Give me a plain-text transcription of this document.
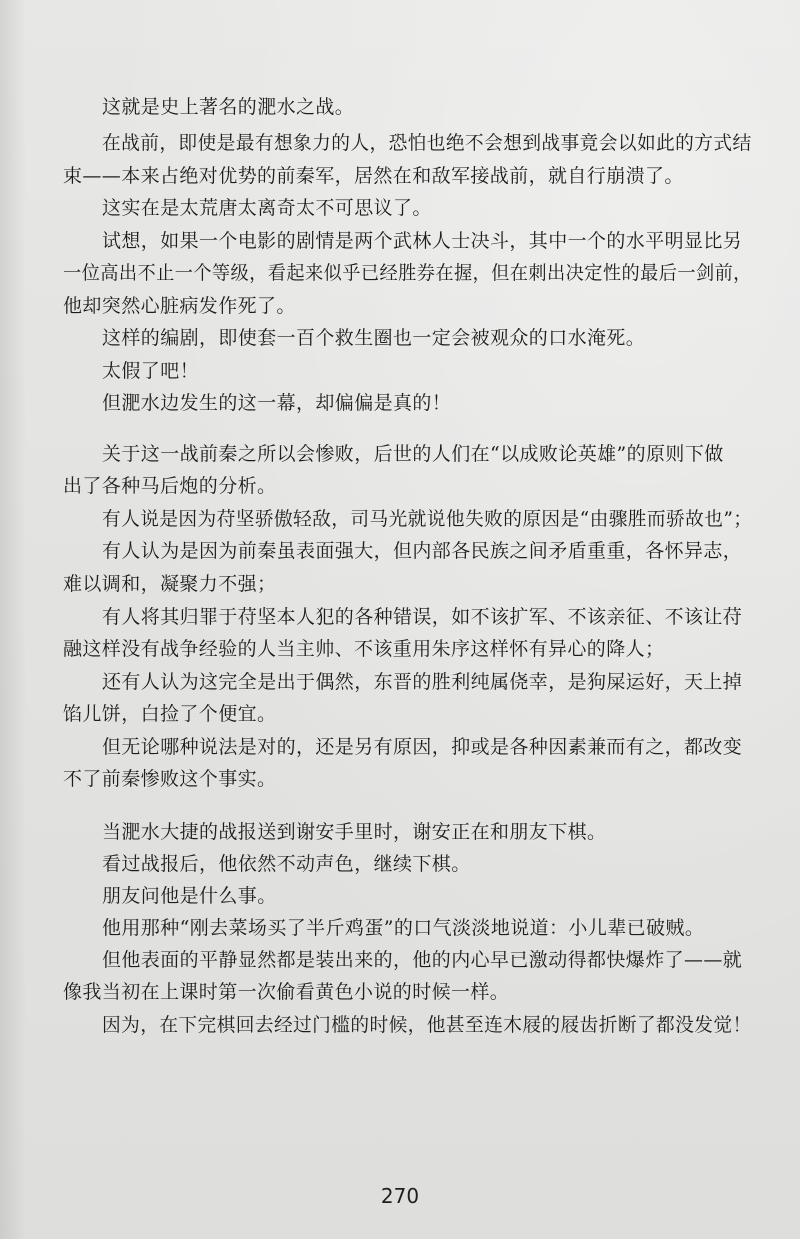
这就是史上著名的淝水之战。
在战前，即使是最有想象力的人，恐怕也绝不会想到战事竟会以如此的方式结
束——本来占绝对优势的前秦军，居然在和敌军接战前，就自行崩溃了。
这实在是太荒唐太离奇太不可思议了。
试想，如果一个电影的剧情是两个武林人士决斗，其中一个的水平明显比另
一位高出不止一个等级，看起来似乎已经胜券在握，但在刺出决定性的最后一剑前，
他却突然心脏病发作死了。
这样的编剧，即使套一百个救生圈也一定会被观众的口水淹死。
太假了吧！
但淝水边发生的这一幕，却偏偏是真的！
关于这一战前秦之所以会惨败，后世的人们在“以成败论英雄”的原则下做
出了各种马后炮的分析。
有人说是因为苻坚骄傲轻敌，司马光就说他失败的原因是“由骤胜而骄故也”；
有人认为是因为前秦虽表面强大，但内部各民族之间矛盾重重，各怀异志，
难以调和，凝聚力不强；
有人将其归罪于苻坚本人犯的各种错误，如不该扩军、不该亲征、不该让苻
融这样没有战争经验的人当主帅、不该重用朱序这样怀有异心的降人；
还有人认为这完全是出于偶然，东晋的胜利纯属侥幸，是狗屎运好，天上掉
馅儿饼，白捡了个便宜。
但无论哪种说法是对的，还是另有原因，抑或是各种因素兼而有之，都改变
不了前秦惨败这个事实。
当淝水大捷的战报送到谢安手里时，谢安正在和朋友下棋。
看过战报后，他依然不动声色，继续下棋。
朋友问他是什么事。
他用那种“刚去菜场买了半斤鸡蛋”的口气淡淡地说道：小儿辈已破贼。
但他表面的平静显然都是装出来的，他的内心早已激动得都快爆炸了——就
像我当初在上课时第一次偷看黄色小说的时候一样。
因为，在下完棋回去经过门槛的时候，他甚至连木屐的屐齿折断了都没发觉！
270
